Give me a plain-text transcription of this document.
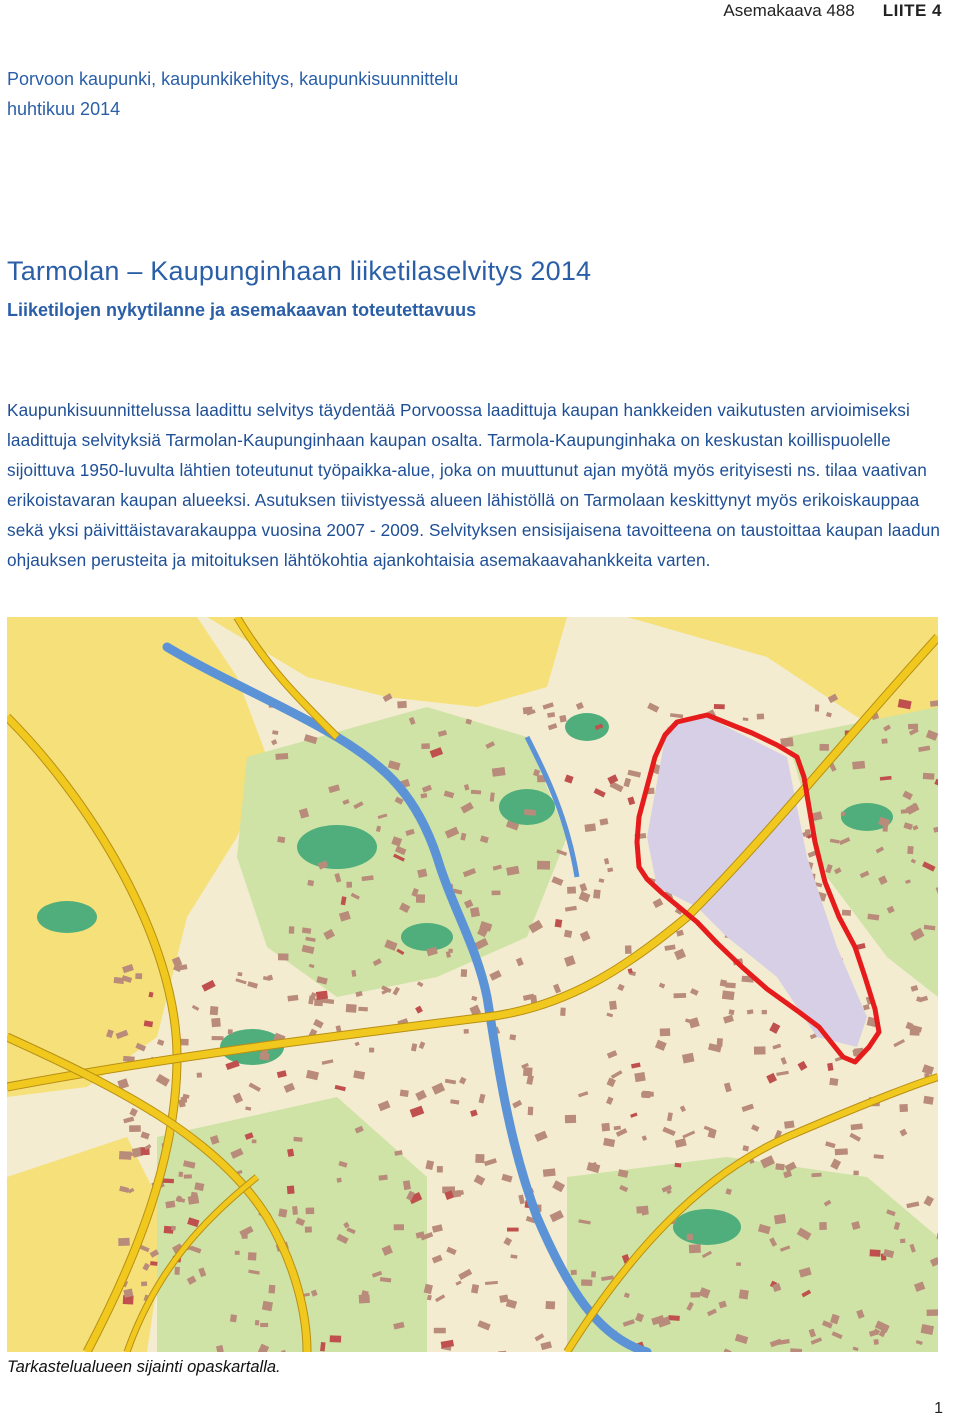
Asemakaava 488 LIITE 4
Porvoon kaupunki, kaupunkikehitys, kaupunkisuunnittelu
huhtikuu 2014
Tarmolan – Kaupunginhaan liiketilaselvitys 2014
Liiketilojen nykytilanne ja asemakaavan toteutettavuus
Kaupunkisuunnittelussa laadittu selvitys täydentää Porvoossa laadittuja kaupan hankkeiden vaikutusten arvioimiseksi laadittuja selvityksiä Tarmolan-Kaupunginhaan kaupan osalta. Tarmola-Kaupunginhaka on keskustan koillispuolelle sijoittuva 1950-luvulta lähtien toteutunut työpaikka-alue, joka on muuttunut ajan myötä myös erityisesti ns. tilaa vaativan erikoistavaran kaupan alueeksi. Asutuksen tiivistyessä alueen lähistöllä on Tarmolaan keskittynyt myös erikoiskauppaa sekä yksi päivittäistavarakauppa vuosina 2007 - 2009. Selvityksen ensisijaisena tavoitteena on taustoittaa kaupan laadun ohjauksen perusteita ja mitoituksen lähtökohtia ajankohtaisia asemakaavahankkeita varten.
Tarkastelualueen sijainti opaskartalla.
1
